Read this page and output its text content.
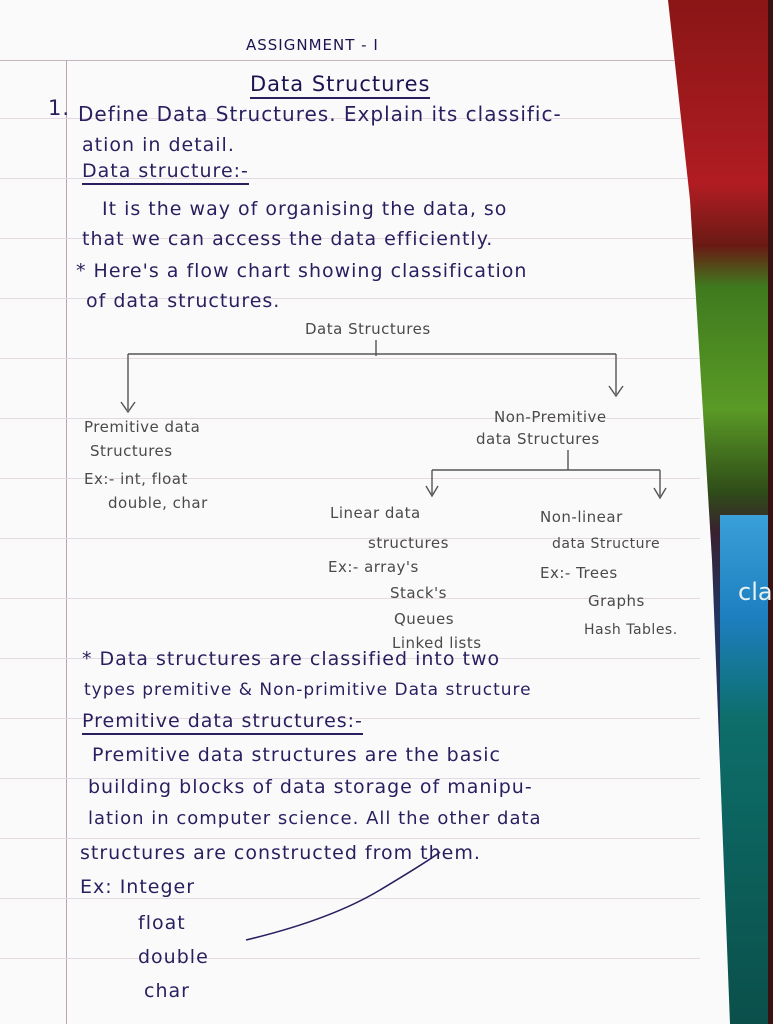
cla
ASSIGNMENT - I
Data Structures
1. Define Data Structures. Explain its classific-
ation in detail.
Data structure:-
It is the way of organising the data, so
that we can access the data efficiently.
* Here's a flow chart showing classification
of data structures.
Data Structures
Premitive data
Structures
Ex:- int, float
double, char
Non-Premitive
data Structures
Linear data
structures
Ex:- array's
Stack's
Queues
Linked lists
Non-linear
data Structure
Ex:- Trees
Graphs
Hash Tables.
* Data structures are classified into two
types premitive & Non-primitive Data structure
Premitive data structures:-
Premitive data structures are the basic
building blocks of data storage of manipu-
lation in computer science. All the other data
structures are constructed from them.
Ex: Integer
float
double
char
